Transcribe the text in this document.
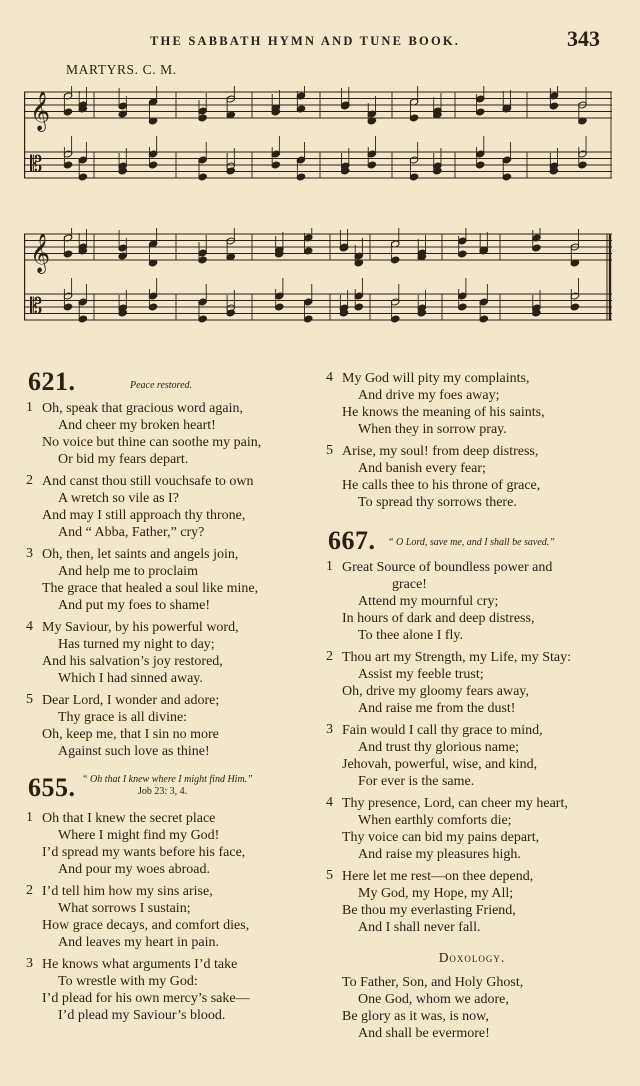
THE SABBATH HYMN AND TUNE BOOK.	343
MARTYRS. C. M.
𝄞
𝄡
𝄞
𝄡
621.	Peace restored.
1 Oh, speak that gracious word again,
And cheer my broken heart!
No voice but thine can soothe my pain,
Or bid my fears depart.
2 And canst thou still vouchsafe to own
A wretch so vile as I?
And may I still approach thy throne,
And “ Abba, Father,” cry?
3 Oh, then, let saints and angels join,
And help me to proclaim
The grace that healed a soul like mine,
And put my foes to shame!
4 My Saviour, by his powerful word,
Has turned my night to day;
And his salvation’s joy restored,
Which I had sinned away.
5 Dear Lord, I wonder and adore;
Thy grace is all divine:
Oh, keep me, that I sin no more
Against such love as thine!
655. “ Oh that I knew where I might find Him.”
Job 23: 3, 4.
1 Oh that I knew the secret place
Where I might find my God!
I’d spread my wants before his face,
And pour my woes abroad.
2 I’d tell him how my sins arise,
What sorrows I sustain;
How grace decays, and comfort dies,
And leaves my heart in pain.
3 He knows what arguments I’d take
To wrestle with my God:
I’d plead for his own mercy’s sake—
I’d plead my Saviour’s blood.
4 My God will pity my complaints,
And drive my foes away;
He knows the meaning of his saints,
When they in sorrow pray.
5 Arise, my soul! from deep distress,
And banish every fear;
He calls thee to his throne of grace,
To spread thy sorrows there.
667. “ O Lord, save me, and I shall be saved.”
1 Great Source of boundless power and
grace!
Attend my mournful cry;
In hours of dark and deep distress,
To thee alone I fly.
2 Thou art my Strength, my Life, my Stay:
Assist my feeble trust;
Oh, drive my gloomy fears away,
And raise me from the dust!
3 Fain would I call thy grace to mind,
And trust thy glorious name;
Jehovah, powerful, wise, and kind,
For ever is the same.
4 Thy presence, Lord, can cheer my heart,
When earthly comforts die;
Thy voice can bid my pains depart,
And raise my pleasures high.
5 Here let me rest—on thee depend,
My God, my Hope, my All;
Be thou my everlasting Friend,
And I shall never fall.
Doxology.
To Father, Son, and Holy Ghost,
One God, whom we adore,
Be glory as it was, is now,
And shall be evermore!
